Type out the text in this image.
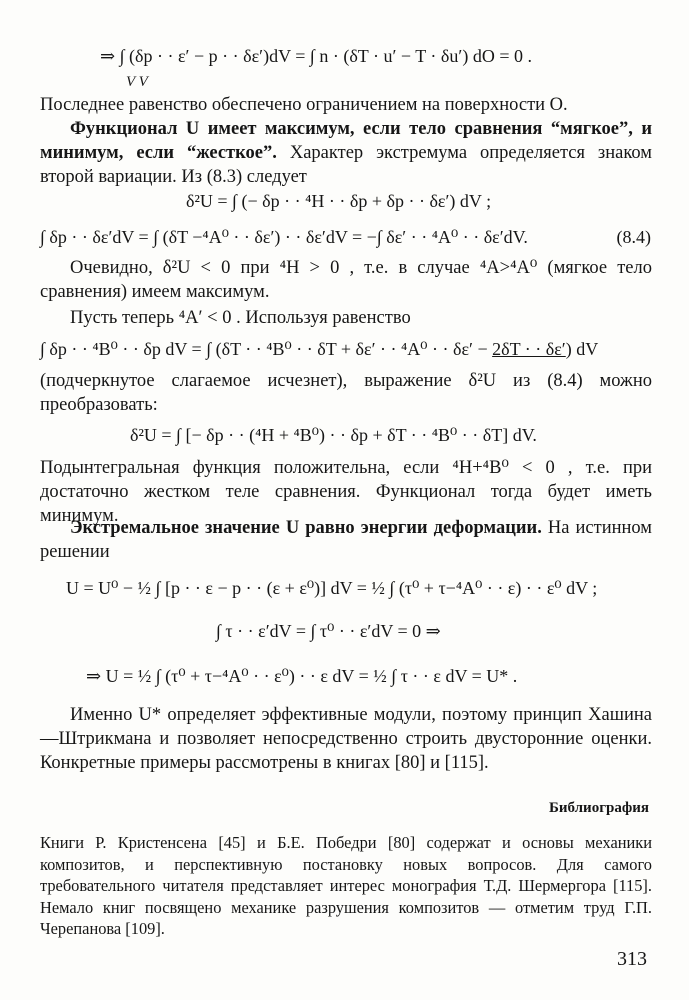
⇒ ∫ (δp · · ε′ − p · · δε′)dV = ∫ n · (δT · u′ − T · δu′) dO = 0 .
V V
Последнее равенство обеспечено ограничением на поверхности O.
Функционал U имеет максимум, если тело сравнения “мягкое”, и минимум, если “жесткое”. Характер экстремума определяется знаком второй вариации. Из (8.3) следует
δ²U = ∫ (− δp · · ⁴H · · δp + δp · · δε′) dV ;
∫ δp · · δε′dV = ∫ (δT −⁴A⁰ · · δε′) · · δε′dV = −∫ δε′ · · ⁴A⁰ · · δε′dV.	(8.4)
Очевидно, δ²U < 0 при ⁴H > 0 , т.е. в случае ⁴A>⁴A⁰ (мягкое тело сравнения) имеем максимум.
Пусть теперь ⁴A′ < 0 . Используя равенство
∫ δp · · ⁴B⁰ · · δp dV = ∫ (δT · · ⁴B⁰ · · δT + δε′ · · ⁴A⁰ · · δε′ − 2δT · · δε′) dV
(подчеркнутое слагаемое исчезнет), выражение δ²U из (8.4) можно преобразовать:
δ²U = ∫ [− δp · · (⁴H + ⁴B⁰) · · δp + δT · · ⁴B⁰ · · δT] dV.
Подынтегральная функция положительна, если ⁴H+⁴B⁰ < 0 , т.е. при достаточно жестком теле сравнения. Функционал тогда будет иметь минимум.
Экстремальное значение U равно энергии деформации. На истинном решении
U = U⁰ − ½ ∫ [p · · ε − p · · (ε + ε⁰)] dV = ½ ∫ (τ⁰ + τ−⁴A⁰ · · ε) · · ε⁰ dV ;
∫ τ · · ε′dV = ∫ τ⁰ · · ε′dV = 0 ⇒
⇒ U = ½ ∫ (τ⁰ + τ−⁴A⁰ · · ε⁰) · · ε dV = ½ ∫ τ · · ε dV = U* .
Именно U* определяет эффективные модули, поэтому принцип Хашина—Штрикмана и позволяет непосредственно строить двусторонние оценки. Конкретные примеры рассмотрены в книгах [80] и [115].
Библиография
Книги Р. Кристенсена [45] и Б.Е. Победри [80] содержат и основы механики композитов, и перспективную постановку новых вопросов. Для самого требовательного читателя представляет интерес монография Т.Д. Шермергора [115]. Немало книг посвящено механике разрушения композитов — отметим труд Г.П. Черепанова [109].
313
